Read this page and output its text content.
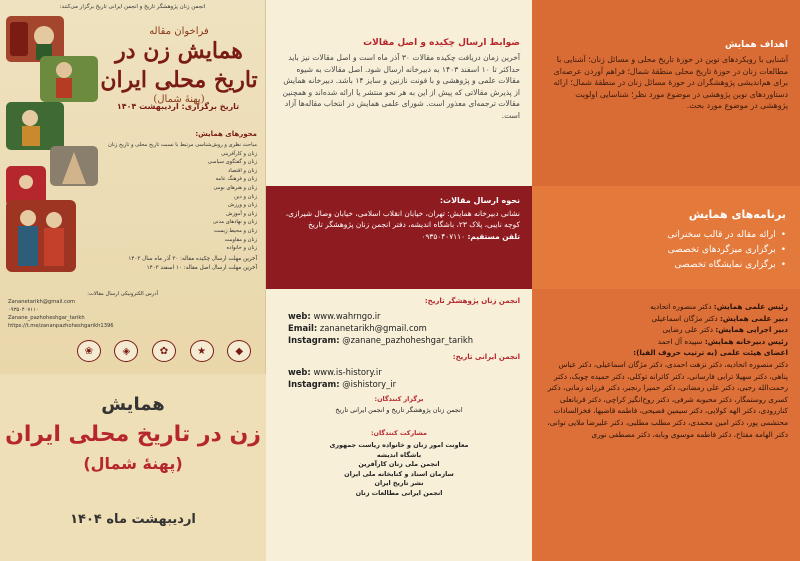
انجمن زنان پژوهشگر تاریخ و انجمن ایرانی تاریخ برگزار می‌کنند:
فراخوان مقاله
همایش زن در تاریخ محلی ایران
(پهنهٔ شمال)
تاریخ برگزاری: اردیبهشت ۱۴۰۴
محورهای همایش:
مباحث نظری و روش‌شناسی مرتبط با نسبت تاریخ محلی و تاریخ زنان
زنان و کارآفرینی
زنان و گفتگوی سیاسی
زنان و اقتصاد
زنان و فرهنگ عامه
زنان و هنرهای بومی
زنان و دین
زنان و ورزش
زنان و آموزش
زنان و نهادهای مدنی
زنان و محیط زیست
زنان و مقاومت
زنان و خانواده
آخرین مهلت ارسال چکیده مقاله: ۳۰ آذر ماه سال ۱۴۰۳
آخرین مهلت ارسال اصل مقاله: ۱۰ اسفند ۱۴۰۳
آدرس الکترونیکی ارسال مقالات:
Zananetarikh@gmail.com
۰۹۳۵۰۴۰۷۱۱۰
Zanane_pazhoheshgar_tarikh
https://t.me/zananpazhoheshgarikh1396
❀	◈	✿	★	◆
همایش
زن در تاریخ محلی ایران
(پهنهٔ شمال)
اردیبهشت ماه ۱۴۰۴
ضوابط ارسال چکیده و اصل مقالات
آخرین زمان دریافت چکیده مقالات ۳۰ آذر ماه است و اصل مقالات نیز باید حداکثر تا ۱۰ اسفند ۱۴۰۳ به دبیرخانه ارسال شود. اصل مقالات به شیوه مقالات علمی و پژوهشی و با فونت نازنین و سایز ۱۴ باشد. دبیرخانه همایش از پذیرش مقالاتی که پیش از این به هر نحو منتشر یا ارائه شده‌اند و همچنین مقالات ترجمه‌ای معذور است. شورای علمی همایش در انتخاب مقاله‌ها آزاد است.
نحوه ارسال مقالات:
نشانی دبیرخانه همایش: تهران، خیابان انقلاب اسلامی، خیابان وصال شیرازی، کوچه نایبی، پلاک ۲۳، باشگاه اندیشه، دفتر انجمن زنان پژوهشگر تاریخ
تلفن مستقیم: ۰۹۳۵۰۴۰۷۱۱۰
انجمن زنان پژوهشگر تاریخ:
web: www.wahrngo.ir
Email: zananetarikh@gmail.com
Instagram: @zanane_pazhoheshgar_tarikh
انجمن ایرانی تاریخ:
web: www.is-history.ir
Instagram: @ishistory_ir
برگزار کنندگان:
انجمن زنان پژوهشگر تاریخ و انجمن ایرانی تاریخ
مشارکت کنندگان:
معاونت امور زنان و خانواده ریاست جمهوری
باشگاه اندیشه
انجمن ملی زنان کارآفرین
سازمان اسناد و کتابخانه ملی ایران
نشر تاریخ ایران
انجمن ایرانی مطالعات زنان
اهداف همایش
آشنایی با رویکردهای نوین در حوزهٔ تاریخ محلی و مسائل زنان؛ آشنایی با مطالعات زنان در حوزهٔ تاریخ محلی منطقهٔ شمال؛ فراهم آوردن عرصه‌ای برای هم‌اندیشی پژوهشگران در حوزهٔ مسائل زنان در منطقهٔ شمال؛ ارائه دستاوردهای نوین پژوهشی در موضوع مورد نظر؛ شناسایی اولویت پژوهشی در موضوع مورد بحث.
برنامه‌های همایش
• ارائه مقاله در قالب سخنرانی
• برگزاری میزگردهای تخصصی
• برگزاری نمایشگاه تخصصی
رئیس علمی همایش: دکتر منصوره اتحادیه
دبیر علمی همایش: دکتر مژگان اسماعیلی
دبیر اجرایی همایش: دکتر علی رضایی
رئیس دبیرخانه همایش: سپیده آل احمد
اعضای هیئت علمی (به ترتیب حروف الفبا):
دکتر منصوره اتحادیه، دکتر نزهت احمدی، دکتر مژگان اسماعیلی، دکتر عباس پناهی، دکتر سهیلا ترابی فارسانی، دکتر کاترانه توکلی، دکتر حمیده چوبک، دکتر رحمت‌الله رجبی، دکتر علی رمضانی، دکتر حمیرا رنجبر، دکتر فرزانه زمانی، دکتر کسری روستمگار، دکتر محبوبه شرفی، دکتر روح‌انگیز کراچی، دکتر قربانعلی کناررودی، دکتر الهه کولایی، دکتر سیمین فصیحی، فاطمه قاضیها، فخرالسادات محتشمی پور، دکتر امین محمدی، دکتر مطلب مطلبی، دکتر علیرضا ملایی توانی، دکتر الهامه مفتاح، دکتر فاطمه موسوی وبابه، دکتر مصطفی نوری
